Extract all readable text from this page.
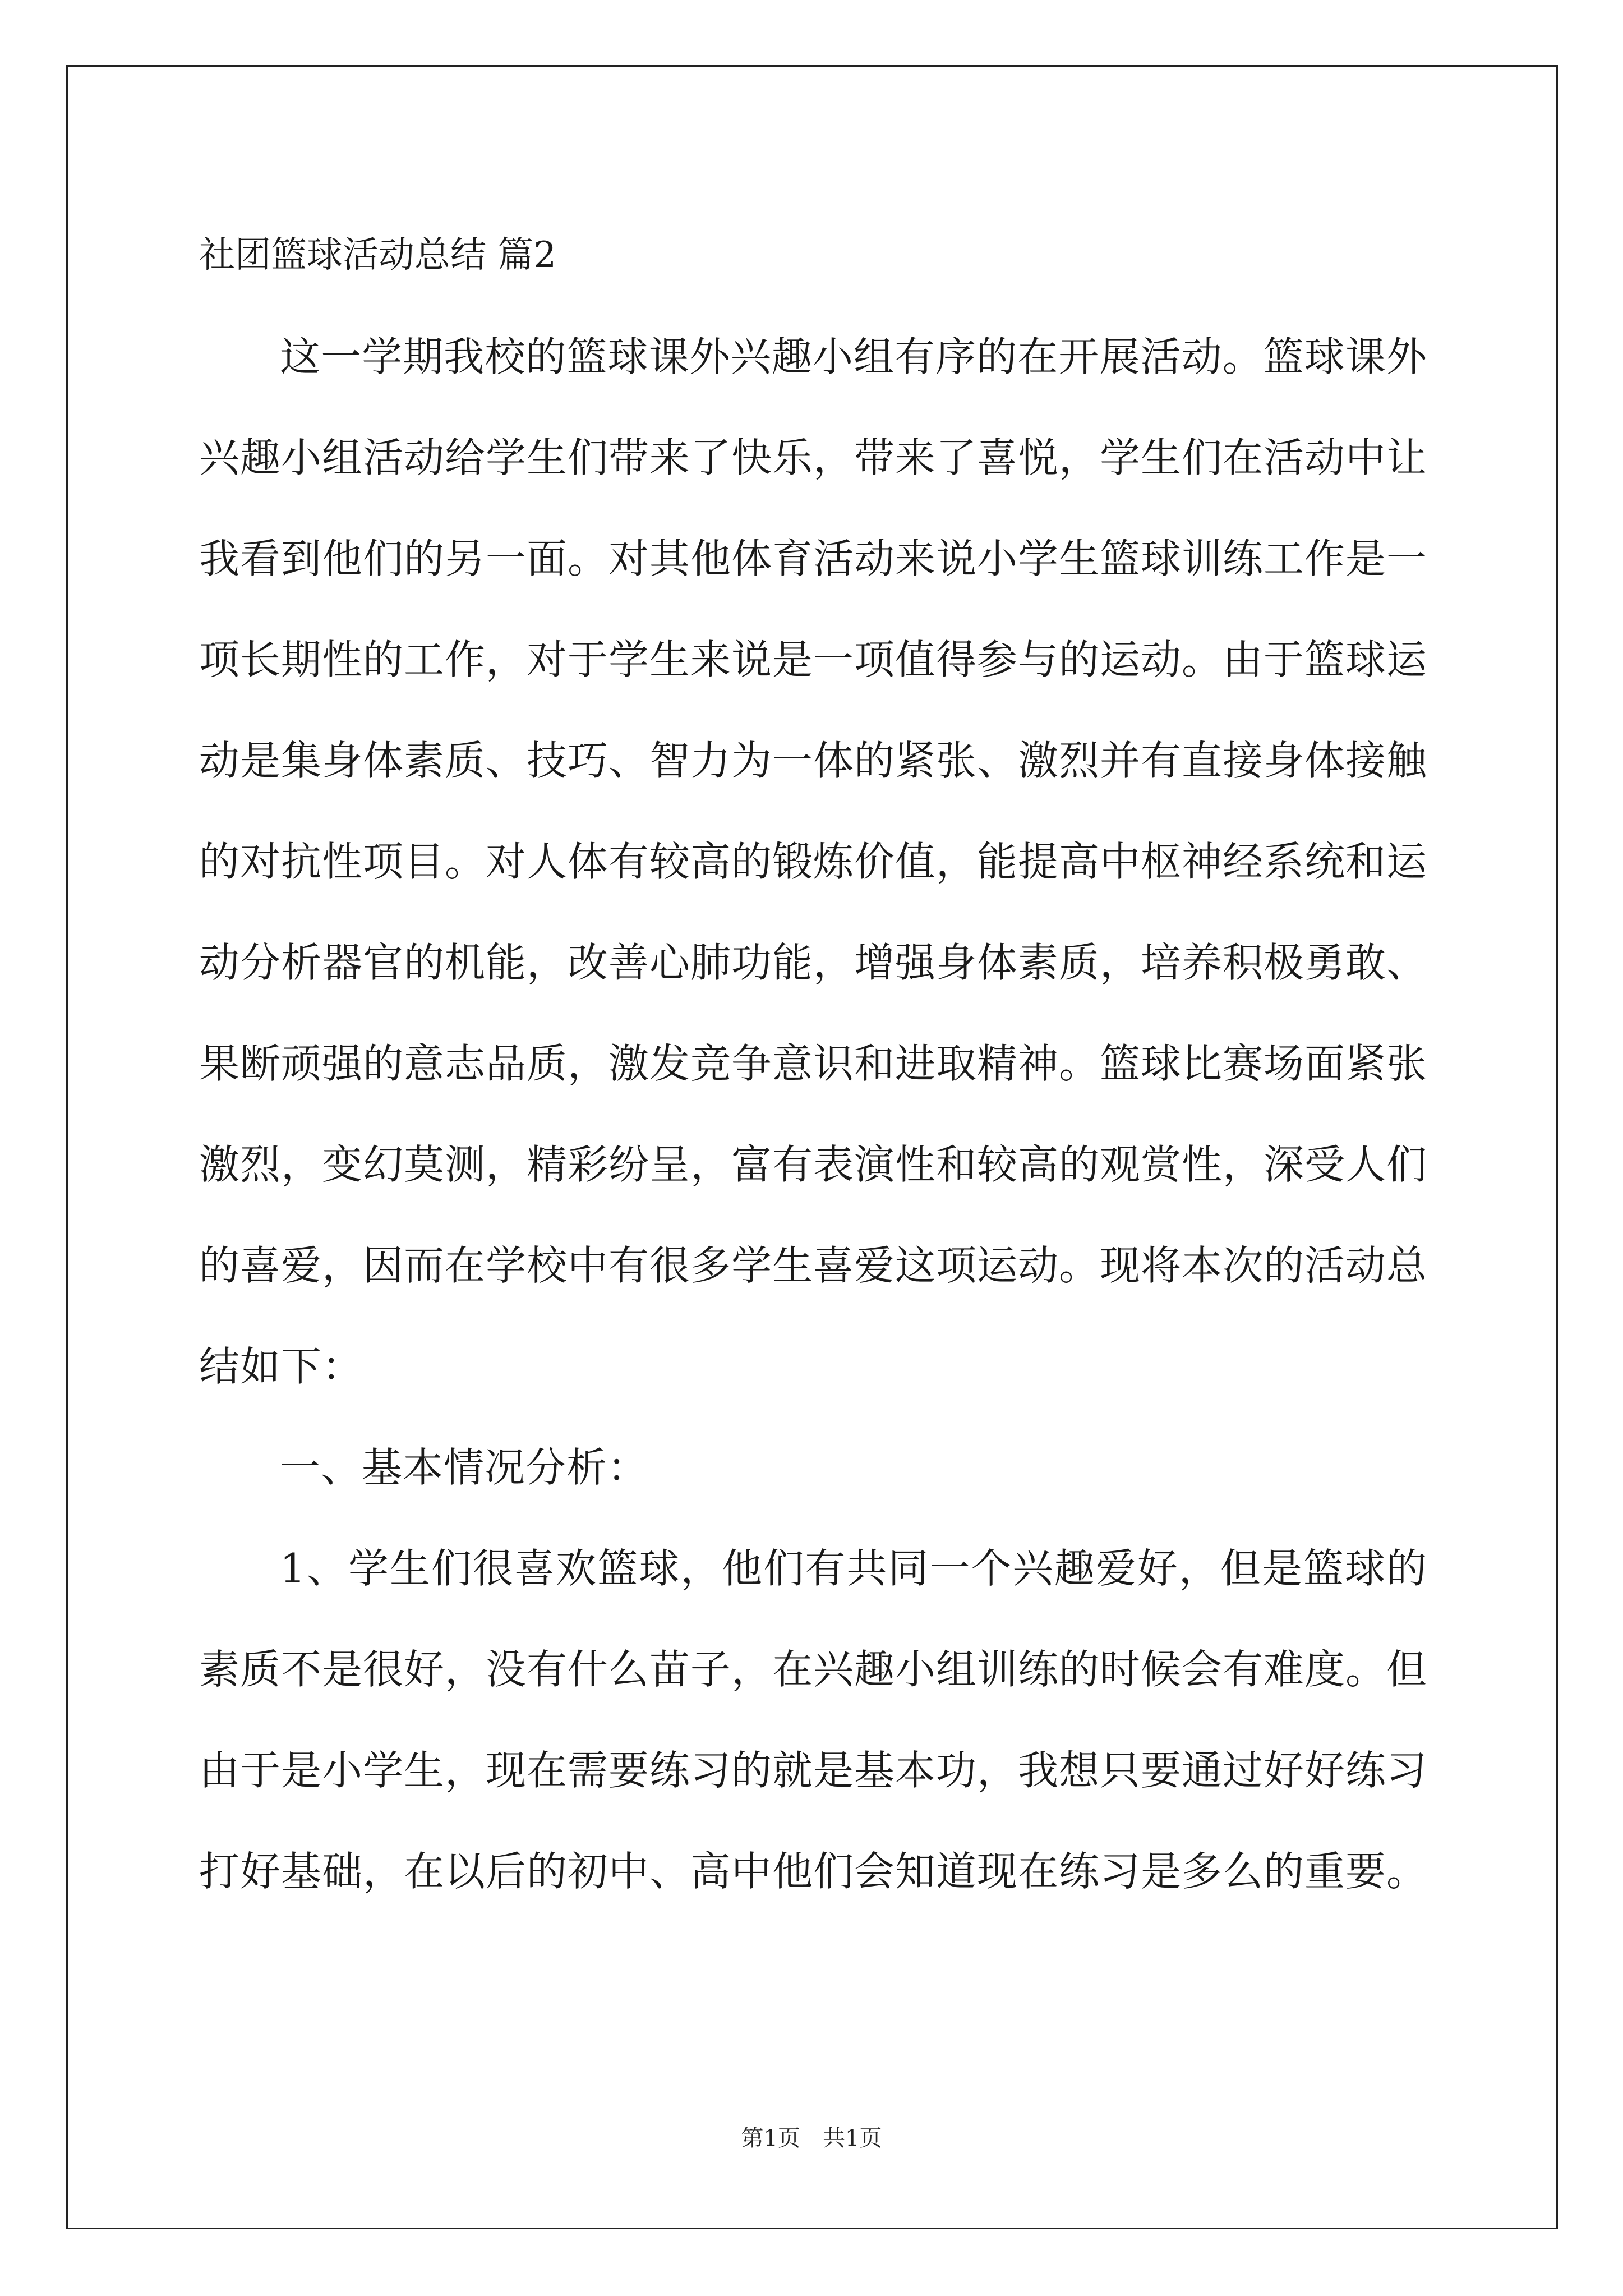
社团篮球活动总结 篇2

这一学期我校的篮球课外兴趣小组有序的在开展活动。篮球课外兴趣小组活动给学生们带来了快乐，带来了喜悦，学生们在活动中让我看到他们的另一面。对其他体育活动来说小学生篮球训练工作是一项长期性的工作，对于学生来说是一项值得参与的运动。由于篮球运动是集身体素质、技巧、智力为一体的紧张、激烈并有直接身体接触的对抗性项目。对人体有较高的锻炼价值，能提高中枢神经系统和运动分析器官的机能，改善心肺功能，增强身体素质，培养积极勇敢、果断顽强的意志品质，激发竞争意识和进取精神。篮球比赛场面紧张激烈，变幻莫测，精彩纷呈，富有表演性和较高的观赏性，深受人们的喜爱，因而在学校中有很多学生喜爱这项运动。现将本次的活动总结如下：

一、基本情况分析：

1、学生们很喜欢篮球，他们有共同一个兴趣爱好，但是篮球的素质不是很好，没有什么苗子，在兴趣小组训练的时候会有难度。但由于是小学生，现在需要练习的就是基本功，我想只要通过好好练习打好基础，在以后的初中、高中他们会知道现在练习是多么的重要。

第1页　共1页
